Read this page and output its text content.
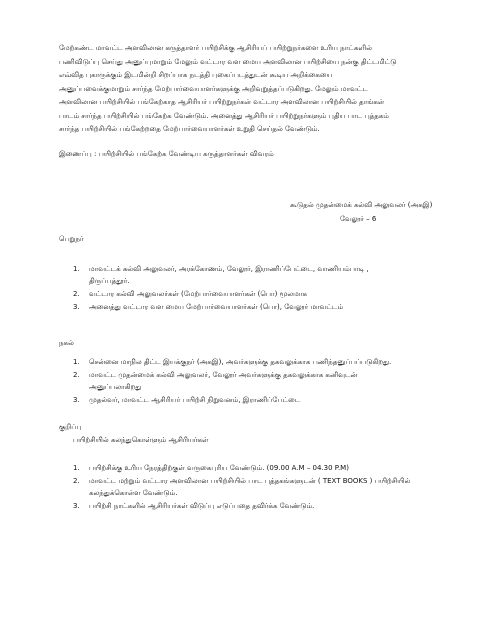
மேற்கண்ட மாவட்ட அளவிலான கருத்தாளர் பயிற்சிக்கு ஆசிரியப் பயிற்றுநர்களை உரிய நாட்களில்
பணிவிடுப்பு செய்து அனுப்புமாறும் மேலும் வட்டார வள மைய அளவிலான பயிற்சியை நன்கு திட்டமிட்டு
எவ்வித புகாருக்கும் இடமின்றி சிறப்பாக நடத்தி புகைப்படத்துடன் கூடிய அறிக்கையை
அனுப்பவைக்குமாறும் சார்ந்த மேற்பார்வையாளர்களுக்கு அறிவுறுத்தப்படுகிறது. மேலும் மாவட்ட
அளவிலான பயிற்சியில் பங்கேற்காத ஆசிரியர் பயிற்றுநர்கள் வட்டார அளவிலான பயிற்சியில் தாங்கள்
பாடம் சார்ந்த பயிற்சியில் பங்கேற்க வேண்டும். அனைத்து ஆசிரியர் பயிற்றுநர்களும் புதிய பாட புத்தகம்
சார்ந்த பயிற்சியில் பங்கேற்றதை மேற்பார்வையாளர்கள் உறுதி செய்தல் வேண்டும்.
இணைப்பு : பயிற்சியில் பங்கேற்க வேண்டிய கருத்தாளர்கள் விவரம்
கூடுதல் முதன்மைக் கல்வி அலுவலர் (அகஇ)
வேலூர் – 6
பெறுநர்
1. மாவட்டக் கல்வி அலுவலர், அரக்கோணம், வேலூர், இராணிப்பேட்டை, வாணியம்பாடி ,
திருப்பத்தூர்.
2. வட்டார கல்வி அலுவலர்கள் (மேற்பார்வையாளர்கள் (பொ) மூலமாக
3. அனைத்து வட்டார வள மைய மேற்பார்வையாளர்கள் (பொ), வேலூர் மாவட்டம்
நகல்
1. சென்னை மாநில திட்ட இயக்குநர் (அகஇ), அவர்களுக்கு தகவலுக்காக பணிந்தனுப்பப்படுகிறது.
2. மாவட்ட முதன்மைக் கல்வி அலுவலர், வேலூர் அவர்களுக்கு தகவலுக்காக கனிவுடன்
அனுப்பலாகிறது
3. முதல்வர், மாவட்ட ஆசிரியர் பயிற்சி நிறுவனம், இராணிப்பேட்டை
குறிப்பு
பயிற்சியில் கலந்துகொள்ளும் ஆசிரியர்கள்
1. பயிற்சிக்கு உரிய நேரத்திற்குள் வருகைபுரிய வேண்டும். (09.00 A.M – 04.30 P.M)
2. மாவட்ட மற்றும் வட்டார அளவிலான பயிற்சியில் பாட புத்தகங்களுடன் ( TEXT BOOKS ) பயிற்சியில்
கலந்துக்கொள்ள வேண்டும்.
3. பயிற்சி நாட்களில் ஆசிரியர்கள் விடுப்பு எடுப்பதை தவிர்க்க வேண்டும்.
